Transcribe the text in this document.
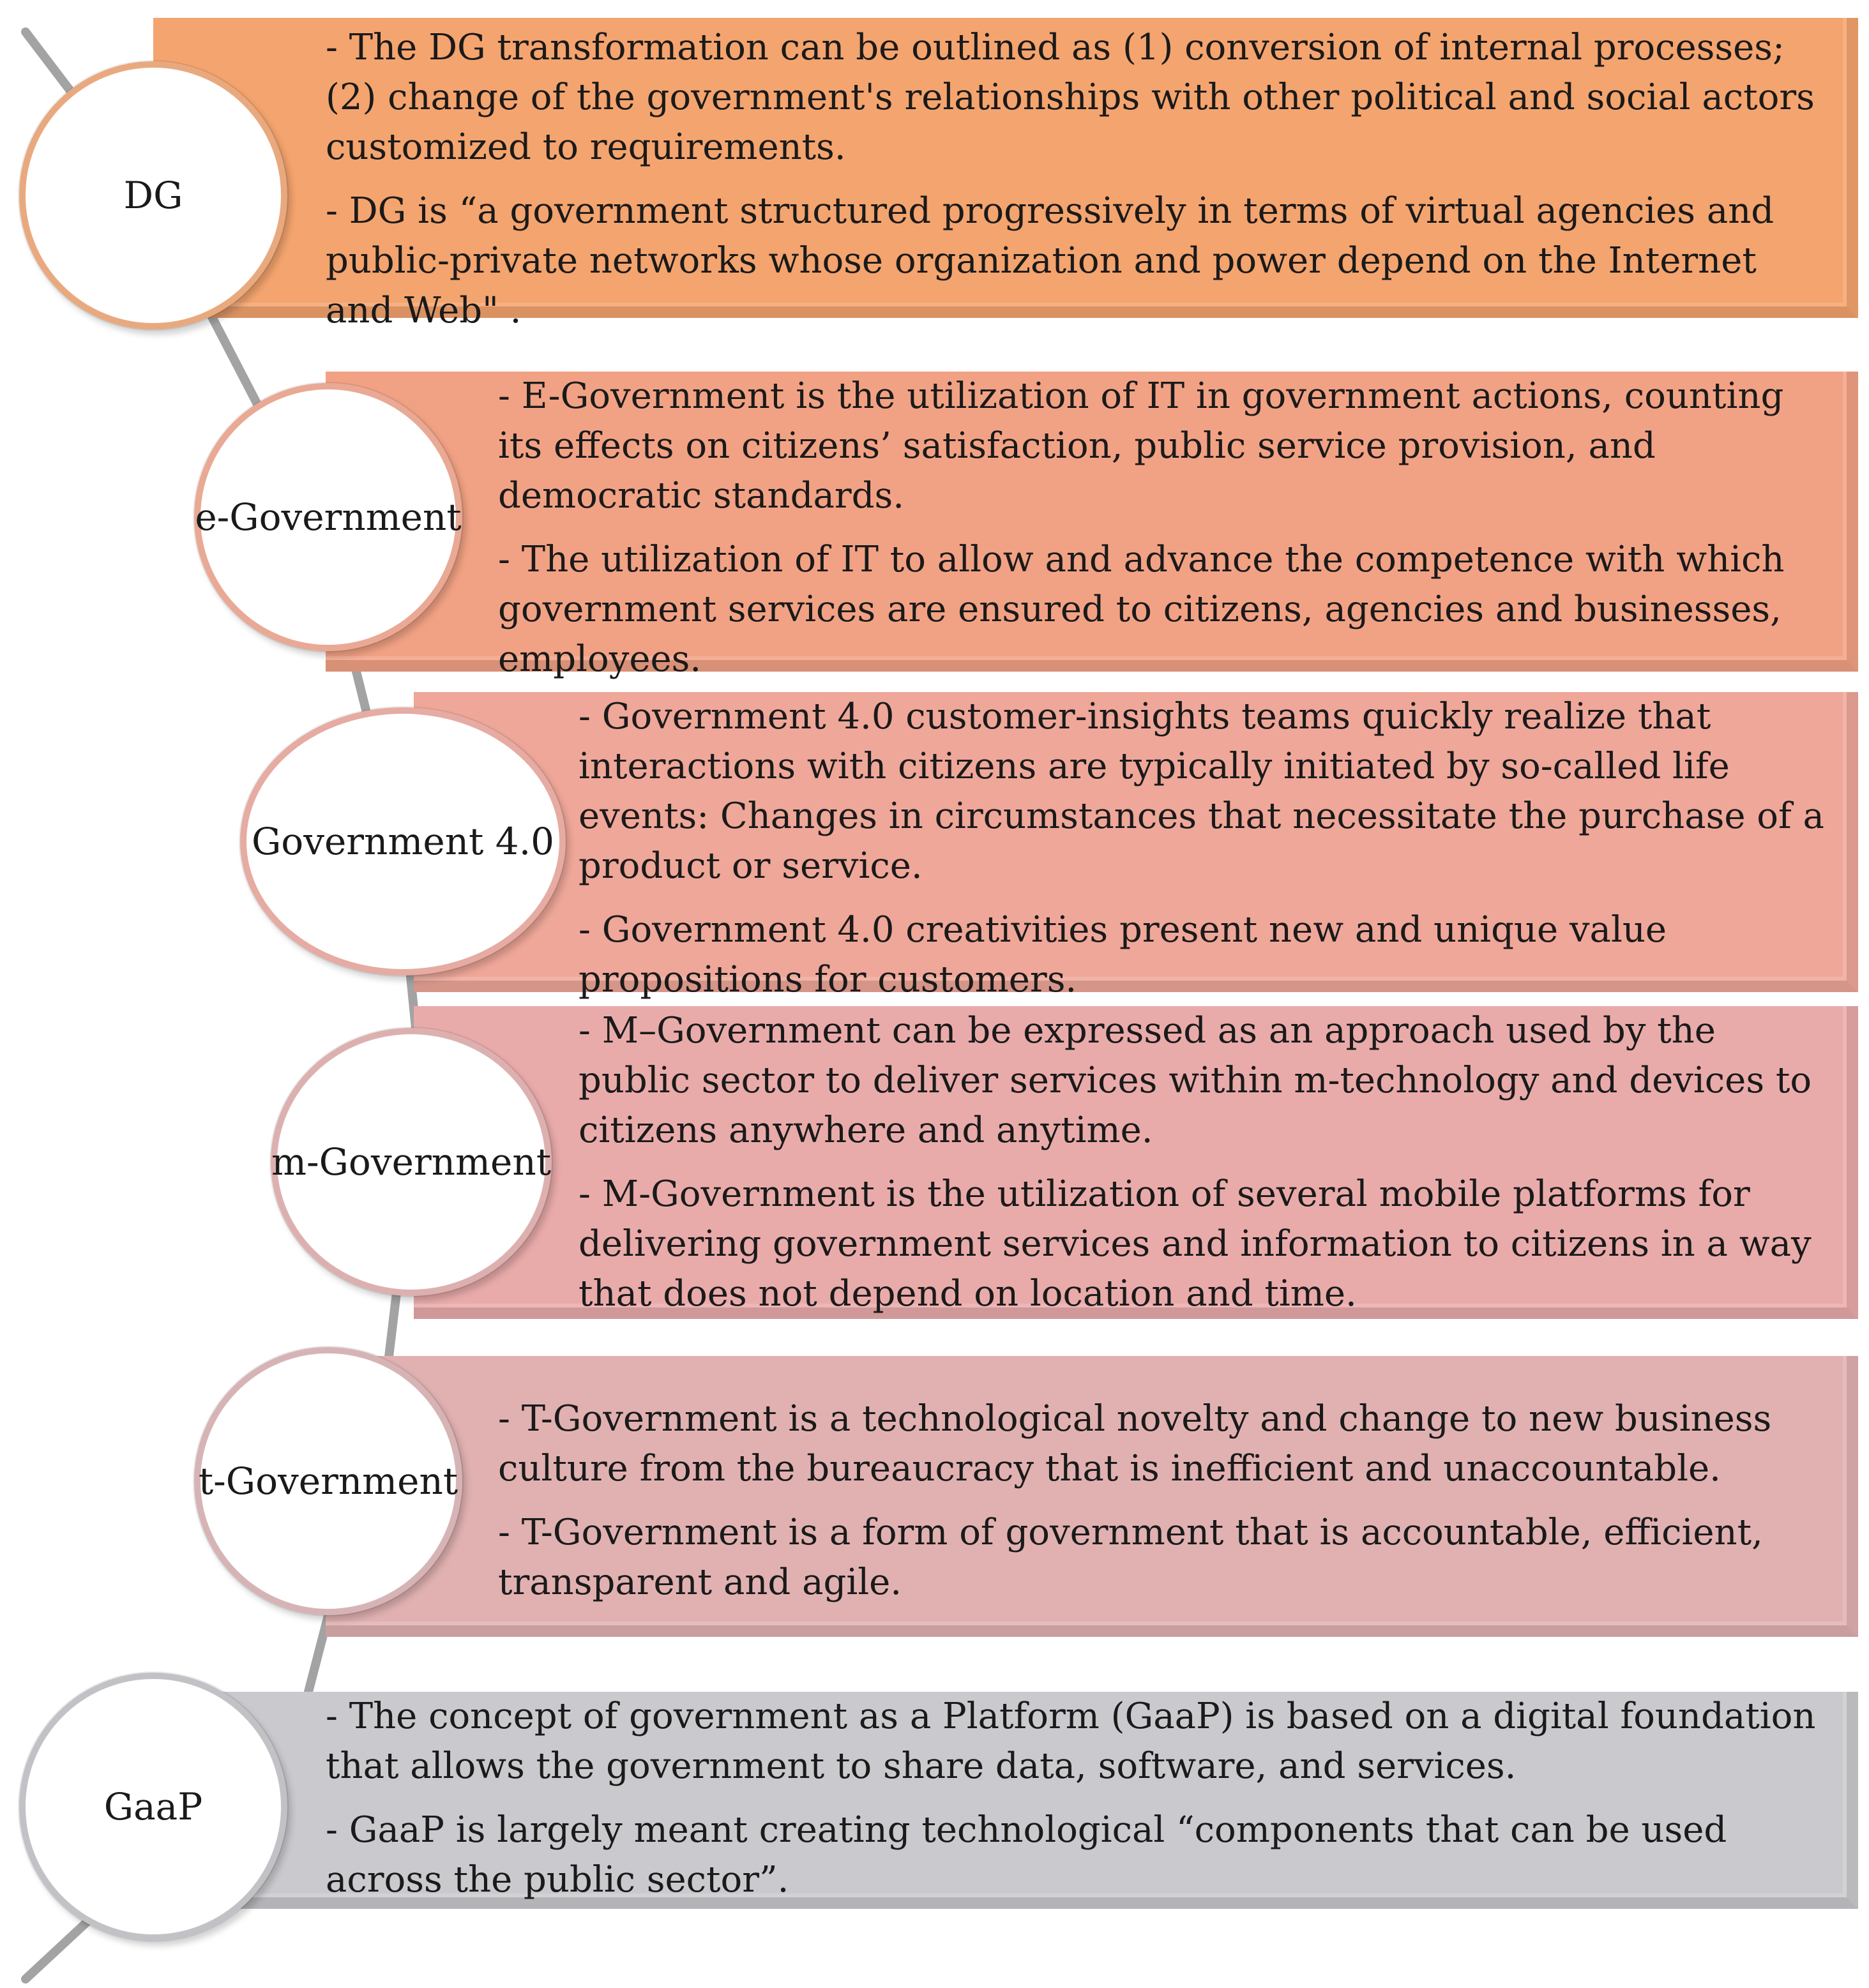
- The DG transformation can be outlined as (1) conversion of internal processes; (2) change of the government's relationships with other political and social actors customized to requirements.

- DG is “a government structured progressively in terms of virtual agencies and public-private networks whose organization and power depend on the Internet and Web" .

DG

- E-Government is the utilization of IT in government actions, counting its effects on citizens’ satisfaction, public service provision, and democratic standards.

- The utilization of IT to allow and advance the competence with which government services are ensured to citizens, agencies and businesses, employees.

e-Government

- Government 4.0 customer-insights teams quickly realize that interactions with citizens are typically initiated by so-called life events: Changes in circumstances that necessitate the purchase of a product or service.

- Government 4.0 creativities present new and unique value propositions for customers.

Government 4.0

- M–Government can be expressed as an approach used by the public sector to deliver services within m-technology and devices to citizens anywhere and anytime.

- M-Government is the utilization of several mobile platforms for delivering government services and information to citizens in a way that does not depend on location and time.

m-Government

- T-Government is a technological novelty and change to new business culture from the bureaucracy that is inefficient and unaccountable.

- T-Government is a form of government that is accountable, efficient, transparent and agile.

t-Government

- The concept of government as a Platform (GaaP) is based on a digital foundation that allows the government to share data, software, and services.

- GaaP is largely meant creating technological “components that can be used across the public sector”.

GaaP
